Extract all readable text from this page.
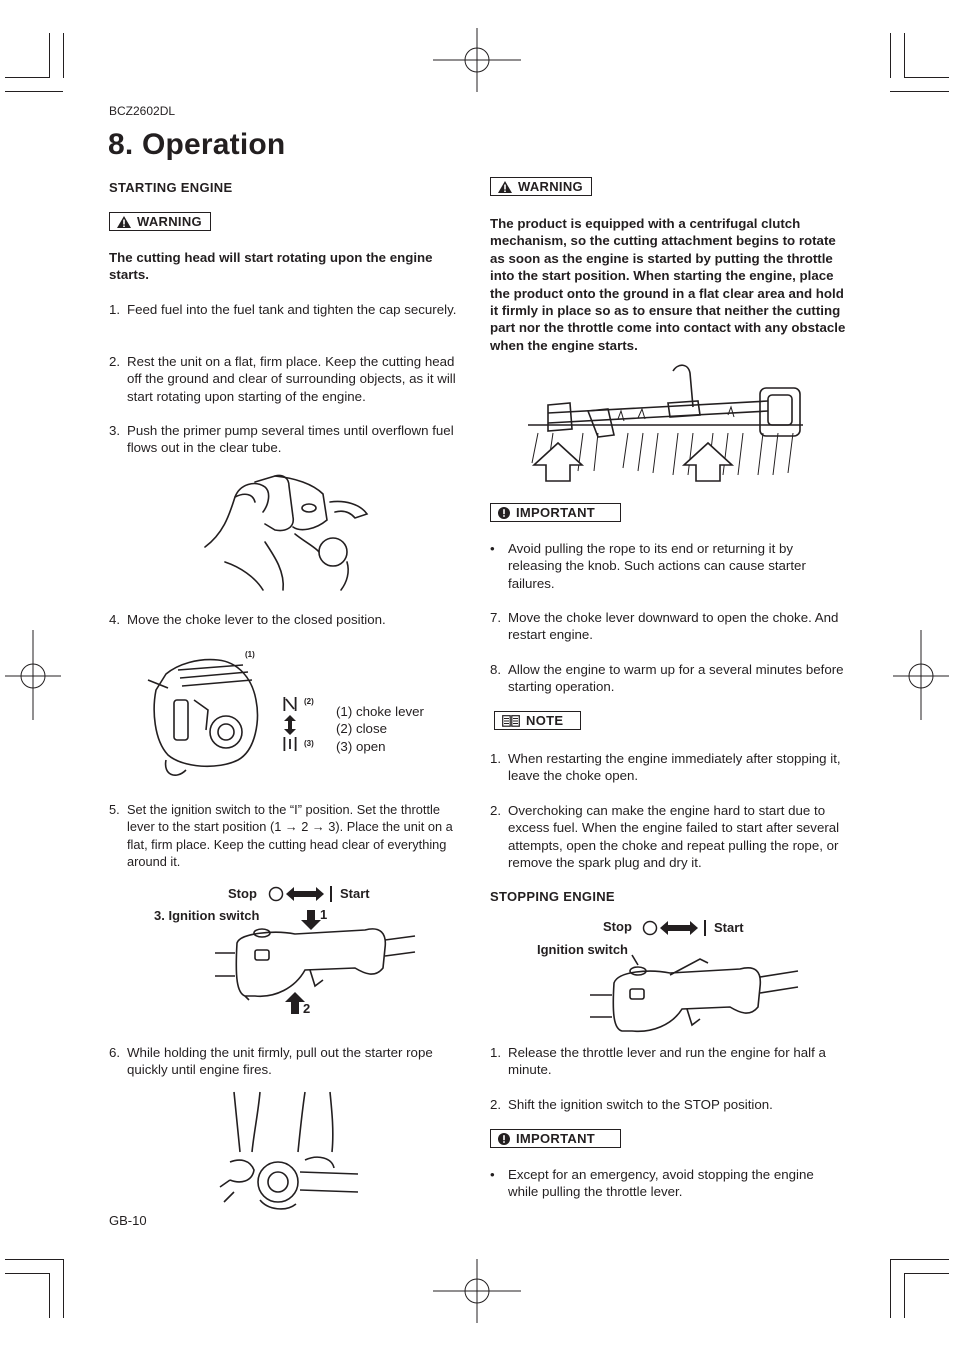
BCZ2602DL
8. Operation
STARTING ENGINE
WARNING
The cutting head will start rotating upon the engine starts.
1. Feed fuel into the fuel tank and tighten the cap securely.
2. Rest the unit on a flat, firm place. Keep the cutting head off the ground and clear of surrounding objects, as it will start rotating upon starting of the engine.
3. Push the primer pump several times until overflown fuel flows out in the clear tube.
4. Move the choke lever to the closed position.
(1)
(2)
(3)
(1) choke lever
(2) close
(3) open
5. Set the ignition switch to the “I” position. Set the throttle lever to the start position (1 → 2 → 3). Place the unit on a flat, firm place. Keep the cutting head clear of everything around it.
Stop	Start
3. Ignition switch	1
2
6. While holding the unit firmly, pull out the starter rope quickly until engine fires.
GB-10
WARNING
The product is equipped with a centrifugal clutch mechanism, so the cutting attachment begins to rotate as soon as the engine is started by putting the throttle into the start position. When starting the engine, place the product onto the ground in a flat clear area and hold it firmly in place so as to ensure that neither the cutting part nor the throttle come into contact with any obstacle when the engine starts.
IMPORTANT
• Avoid pulling the rope to its end or returning it by releasing the knob. Such actions can cause starter failures.
7. Move the choke lever downward to open the choke. And restart engine.
8. Allow the engine to warm up for a several minutes before starting operation.
NOTE
1. When restarting the engine immediately after stopping it, leave the choke open.
2. Overchoking can make the engine hard to start due to excess fuel. When the engine failed to start after several attempts, open the choke and repeat pulling the rope, or remove the spark plug and dry it.
STOPPING ENGINE
Stop	Start
Ignition switch
1. Release the throttle lever and run the engine for half a minute.
2. Shift the ignition switch to the STOP position.
IMPORTANT
• Except for an emergency, avoid stopping the engine while pulling the throttle lever.
